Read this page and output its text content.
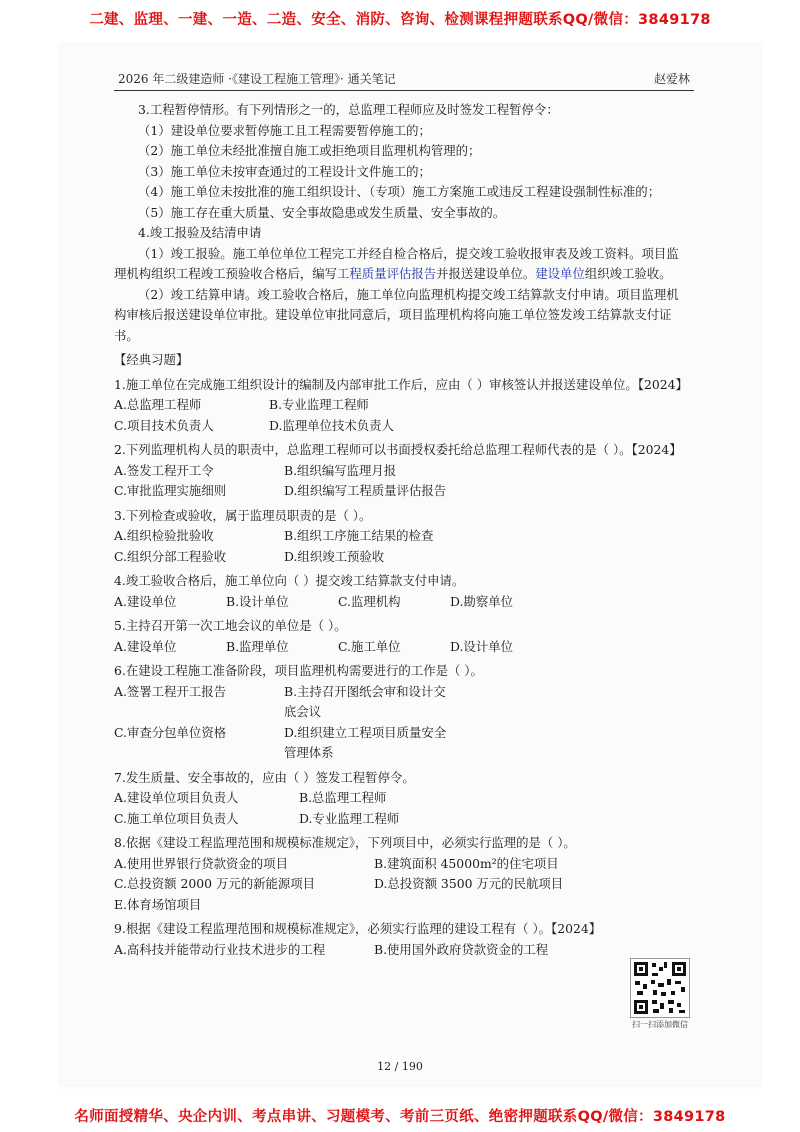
二建、监理、一建、一造、二造、安全、消防、咨询、检测课程押题联系QQ/微信：3849178
2026 年二级建造师 ·《建设工程施工管理》· 通关笔记	赵爱林

3.工程暂停情形。有下列情形之一的，总监理工程师应及时签发工程暂停令：

（1）建设单位要求暂停施工且工程需要暂停施工的；

（2）施工单位未经批准擅自施工或拒绝项目监理机构管理的；

（3）施工单位未按审查通过的工程设计文件施工的；

（4）施工单位未按批准的施工组织设计、（专项）施工方案施工或违反工程建设强制性标准的；

（5）施工存在重大质量、安全事故隐患或发生质量、安全事故的。

4.竣工报验及结清申请

（1）竣工报验。施工单位单位工程完工并经自检合格后，提交竣工验收报审表及竣工资料。项目监理机构组织工程竣工预验收合格后，编写工程质量评估报告并报送建设单位。建设单位组织竣工验收。

（2）竣工结算申请。竣工验收合格后，施工单位向监理机构提交竣工结算款支付申请。项目监理机构审核后报送建设单位审批。建设单位审批同意后，项目监理机构将向施工单位签发竣工结算款支付证书。

【经典习题】

1.施工单位在完成施工组织设计的编制及内部审批工作后，应由（ ）审核签认并报送建设单位。【2024】

A.总监理工程师	B.专业监理工程师
C.项目技术负责人	D.监理单位技术负责人

2.下列监理机构人员的职责中，总监理工程师可以书面授权委托给总监理工程师代表的是（ ）。【2024】

A.签发工程开工令	B.组织编写监理月报
C.审批监理实施细则	D.组织编写工程质量评估报告

3.下列检查或验收，属于监理员职责的是（ ）。

A.组织检验批验收	B.组织工序施工结果的检查
C.组织分部工程验收	D.组织竣工预验收

4.竣工验收合格后，施工单位向（ ）提交竣工结算款支付申请。

A.建设单位	B.设计单位	C.监理机构	D.勘察单位

5.主持召开第一次工地会议的单位是（ ）。

A.建设单位	B.监理单位	C.施工单位	D.设计单位

6.在建设工程施工准备阶段，项目监理机构需要进行的工作是（ ）。

A.签署工程开工报告	B.主持召开图纸会审和设计交底会议
C.审查分包单位资格	D.组织建立工程项目质量安全管理体系

7.发生质量、安全事故的，应由（ ）签发工程暂停令。

A.建设单位项目负责人	B.总监理工程师
C.施工单位项目负责人	D.专业监理工程师

8.依据《建设工程监理范围和规模标准规定》，下列项目中，必须实行监理的是（ ）。

A.使用世界银行贷款资金的项目	B.建筑面积 45000m²的住宅项目
C.总投资额 2000 万元的新能源项目	D.总投资额 3500 万元的民航项目
E.体育场馆项目

9.根据《建设工程监理范围和规模标准规定》，必须实行监理的建设工程有（ ）。【2024】

A.高科技并能带动行业技术进步的工程	B.使用国外政府贷款资金的工程
扫一扫添加微信
12 / 190
名师面授精华、央企内训、考点串讲、习题模考、考前三页纸、绝密押题联系QQ/微信：3849178
